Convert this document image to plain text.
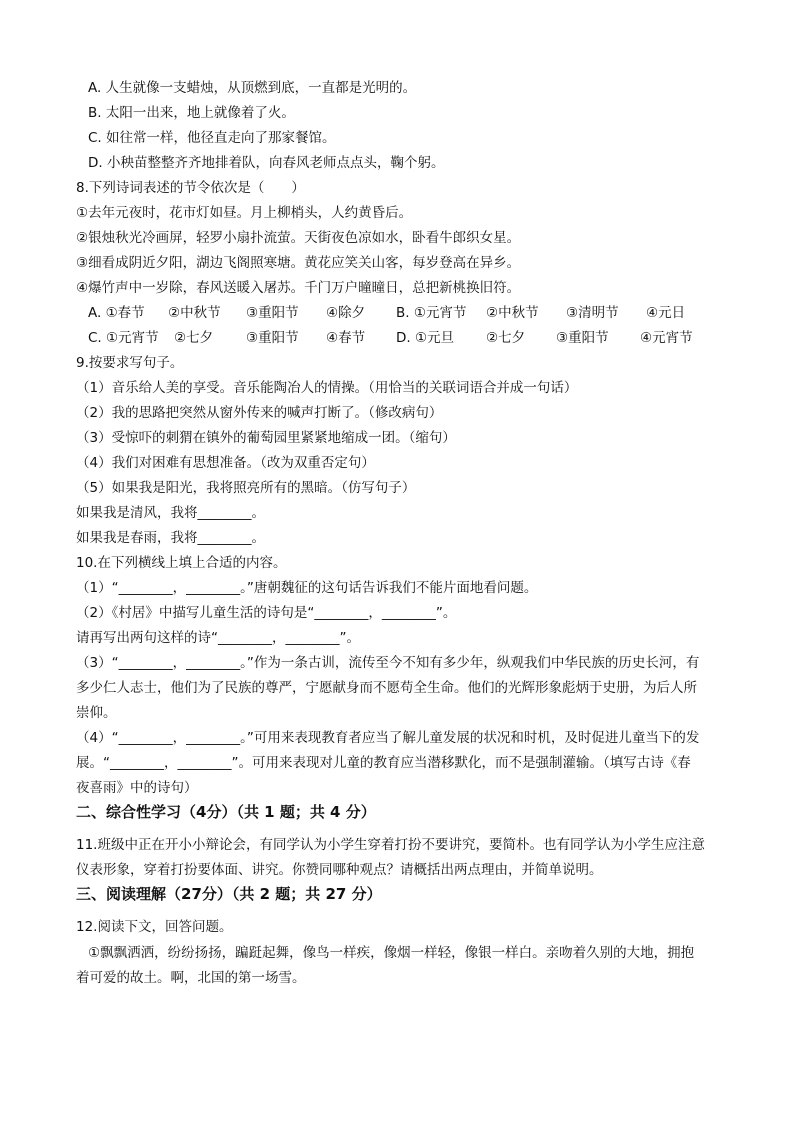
A. 人生就像一支蜡烛，从顶燃到底，一直都是光明的。
B. 太阳一出来，地上就像着了火。
C. 如往常一样，他径直走向了那家餐馆。
D. 小秧苗整整齐齐地排着队，向春风老师点点头，鞠个躬。
8.下列诗词表述的节令依次是（　　）
①去年元夜时，花市灯如昼。月上柳梢头，人约黄昏后。
②银烛秋光冷画屏，轻罗小扇扑流萤。天街夜色凉如水，卧看牛郎织女星。
③细看成阴近夕阳，湖边飞阁照寒塘。黄花应笑关山客，每岁登高在异乡。
④爆竹声中一岁除，春风送暖入屠苏。千门万户曈曈日，总把新桃换旧符。
A. ①春节 ②中秋节 ③重阳节 ④除夕 B. ①元宵节 ②中秋节 ③清明节 ④元日
C. ①元宵节 ②七夕 ③重阳节 ④春节 D. ①元旦 ②七夕 ③重阳节 ④元宵节
9.按要求写句子。
（1）音乐给人美的享受。音乐能陶冶人的情操。（用恰当的关联词语合并成一句话）
（2）我的思路把突然从窗外传来的喊声打断了。（修改病句）
（3）受惊吓的刺猬在镇外的葡萄园里紧紧地缩成一团。（缩句）
（4）我们对困难有思想准备。（改为双重否定句）
（5）如果我是阳光，我将照亮所有的黑暗。（仿写句子）
如果我是清风，我将________。
如果我是春雨，我将________。
10.在下列横线上填上合适的内容。
（1）“________，________。”唐朝魏征的这句话告诉我们不能片面地看问题。
（2）《村居》中描写儿童生活的诗句是“________，________”。
请再写出两句这样的诗“________，________”。
（3）“________，________。”作为一条古训，流传至今不知有多少年，纵观我们中华民族的历史长河，有
多少仁人志士，他们为了民族的尊严，宁愿献身而不愿苟全生命。他们的光辉形象彪炳于史册，为后人所
崇仰。
（4）“________，________。”可用来表现教育者应当了解儿童发展的状况和时机，及时促进儿童当下的发
展。“________，________”。可用来表现对儿童的教育应当潜移默化，而不是强制灌输。（填写古诗《春
夜喜雨》中的诗句）
二、综合性学习（4分）（共 1 题；共 4 分）
11.班级中正在开小小辩论会，有同学认为小学生穿着打扮不要讲究，要简朴。也有同学认为小学生应注意
仪表形象，穿着打扮要体面、讲究。你赞同哪种观点？请概括出两点理由，并简单说明。
三、阅读理解（27分）（共 2 题；共 27 分）
12.阅读下文，回答问题。
①飘飘洒洒，纷纷扬扬，蹁跹起舞，像鸟一样疾，像烟一样轻，像银一样白。亲吻着久别的大地，拥抱
着可爱的故土。啊，北国的第一场雪。
